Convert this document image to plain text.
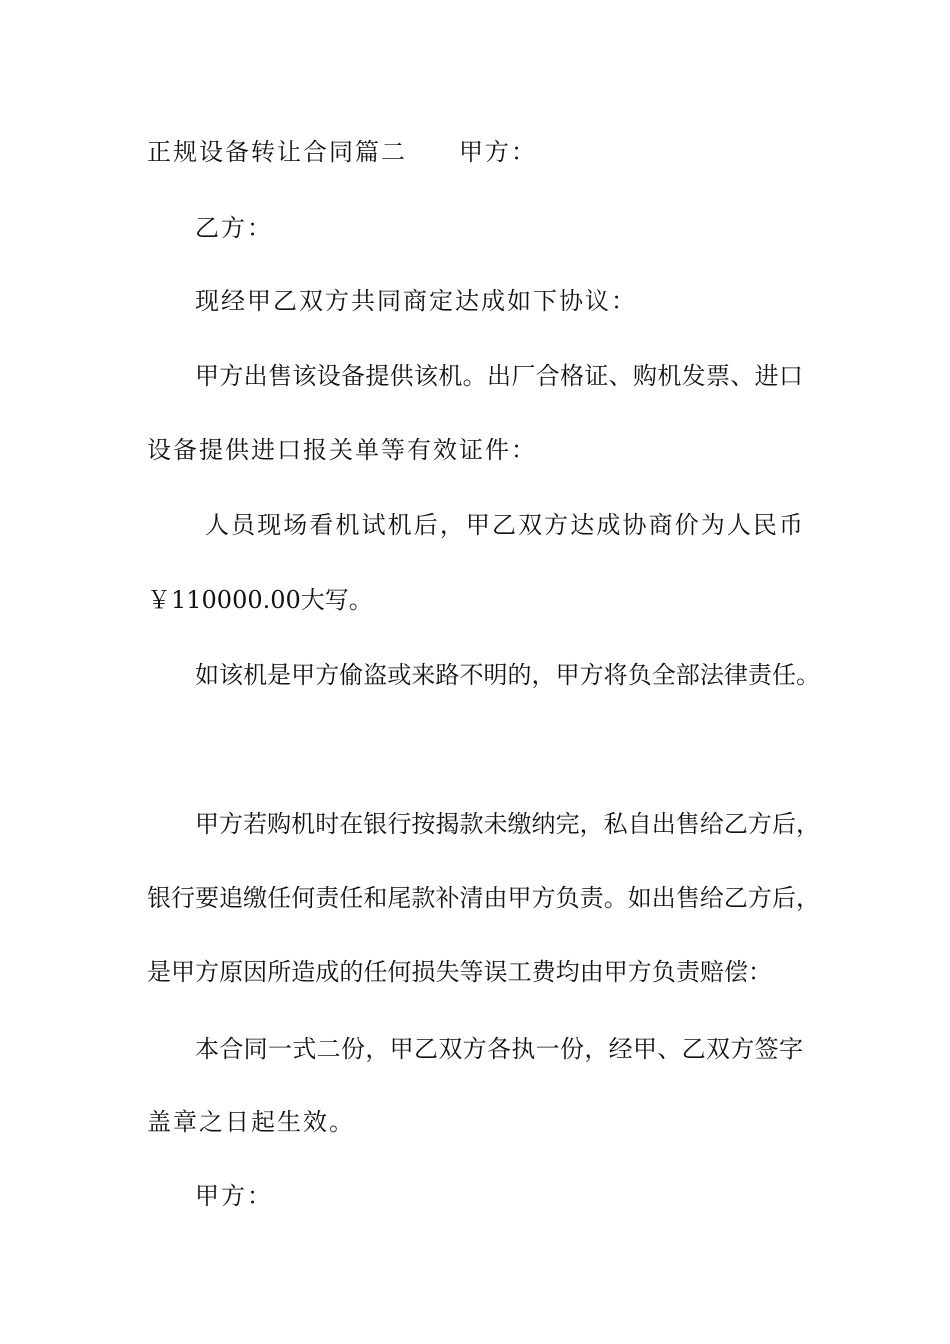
正规设备转让合同篇二 甲方：
乙方：
现经甲乙双方共同商定达成如下协议：
甲方出售该设备提供该机。出厂合格证、购机发票、进口
设备提供进口报关单等有效证件：
人员现场看机试机后，甲乙双方达成协商价为人民币
￥110000.00大写。
如该机是甲方偷盗或来路不明的，甲方将负全部法律责任。
甲方若购机时在银行按揭款未缴纳完，私自出售给乙方后，
银行要追缴任何责任和尾款补清由甲方负责。如出售给乙方后，
是甲方原因所造成的任何损失等误工费均由甲方负责赔偿：
本合同一式二份，甲乙双方各执一份，经甲、乙双方签字
盖章之日起生效。
甲方：
